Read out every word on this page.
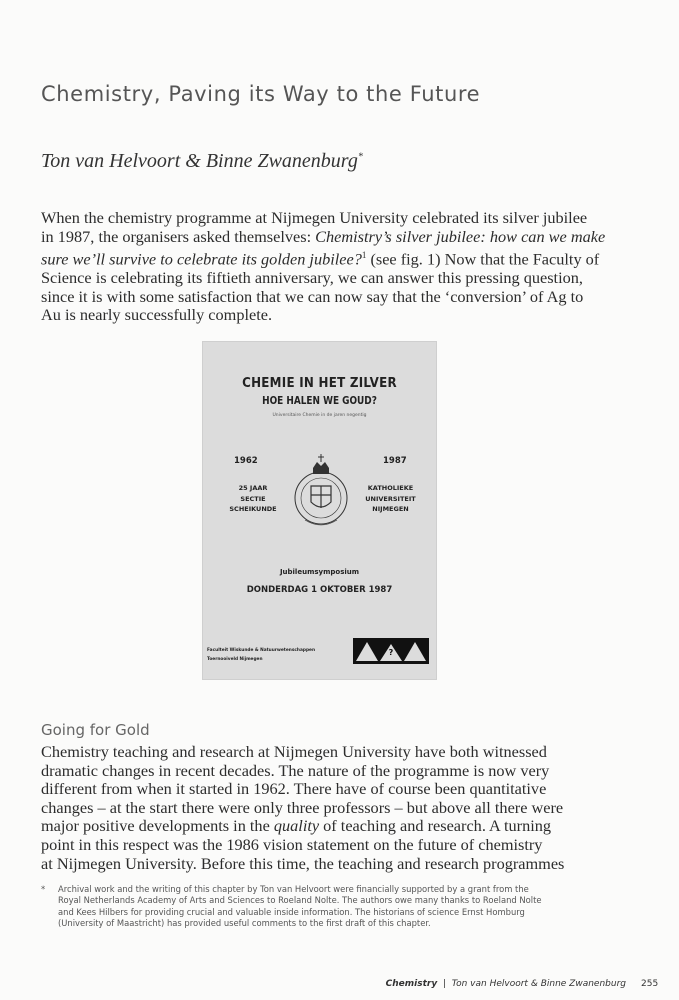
Chemistry, Paving its Way to the Future

Ton van Helvoort & Binne Zwanenburg*

When the chemistry programme at Nijmegen University celebrated its silver jubilee
in 1987, the organisers asked themselves: Chemistry’s silver jubilee: how can we make
sure we’ll survive to celebrate its golden jubilee?$^1$ (see fig. 1) Now that the Faculty of
Science is celebrating its fiftieth anniversary, we can answer this pressing question,
since it is with some satisfaction that we can now say that the ‘conversion’ of Ag to
Au is nearly successfully complete.

CHEMIE IN HET ZILVER
HOE HALEN WE GOUD?
Universitaire Chemie in de jaren negentig
1962	1987
25 JAAR
SECTIE
SCHEIKUNDE
KATHOLIEKE
UNIVERSITEIT
NIJMEGEN
Jubileumsymposium
DONDERDAG 1 OKTOBER 1987
Faculteit Wiskunde & Natuurwetenschappen
Toernooiveld Nijmegen
?
Going for Gold

Chemistry teaching and research at Nijmegen University have both witnessed
dramatic changes in recent decades. The nature of the programme is now very
different from when it started in 1962. There have of course been quantitative
changes – at the start there were only three professors – but above all there were
major positive developments in the quality of teaching and research. A turning
point in this respect was the 1986 vision statement on the future of chemistry
at Nijmegen University. Before this time, the teaching and research programmes

* Archival work and the writing of this chapter by Ton van Helvoort were financially supported by a grant from the
Royal Netherlands Academy of Arts and Sciences to Roeland Nolte. The authors owe many thanks to Roeland Nolte
and Kees Hilbers for providing crucial and valuable inside information. The historians of science Ernst Homburg
(University of Maastricht) has provided useful comments to the first draft of this chapter.
Chemistry | Ton van Helvoort & Binne Zwanenburg 255
